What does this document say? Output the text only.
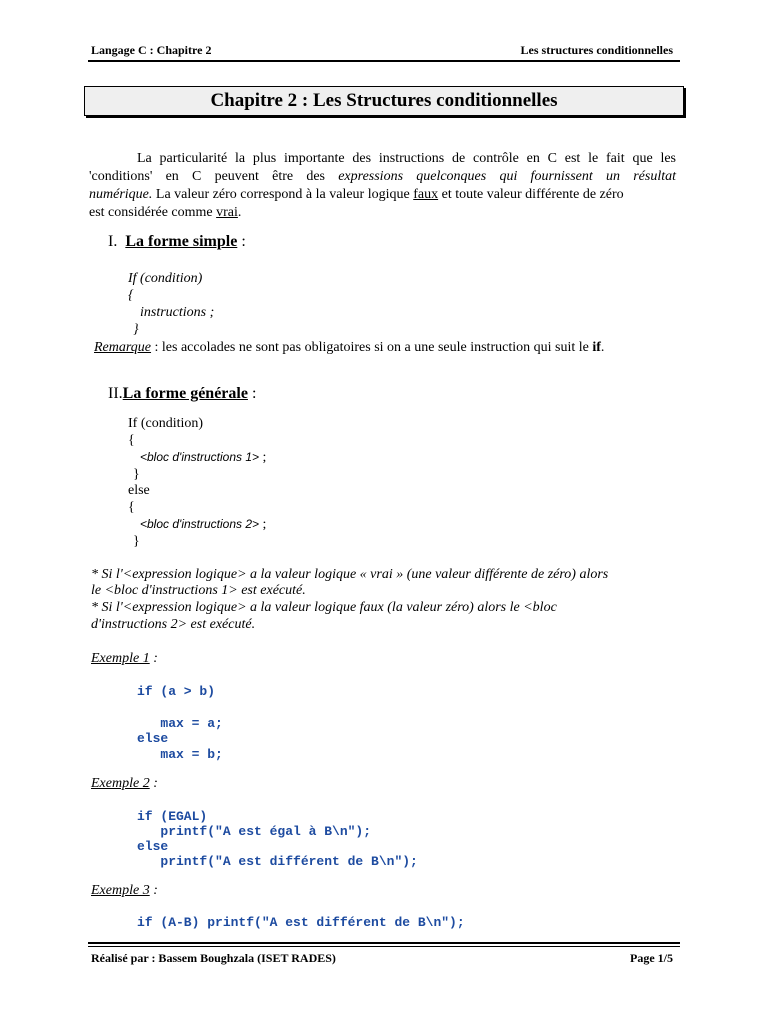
Langage C : Chapitre 2	Les structures conditionnelles
Chapitre 2 : Les Structures conditionnelles
La particularité la plus importante des instructions de contrôle en C est le fait que les
'conditions' en C peuvent être des expressions quelconques qui fournissent un résultat
numérique. La valeur zéro correspond à la valeur logique faux et toute valeur différente de zéro
est considérée comme vrai.
I. La forme simple :
If (condition)
{
instructions ;
}
Remarque : les accolades ne sont pas obligatoires si on a une seule instruction qui suit le if.
II.La forme générale :
If (condition)
{
<bloc d'instructions 1> ;
}
else
{
<bloc d'instructions 2> ;
}
* Si l'<expression logique> a la valeur logique « vrai » (une valeur différente de zéro) alors
le <bloc d'instructions 1> est exécuté.
* Si l'<expression logique> a la valeur logique faux (la valeur zéro) alors le <bloc
d'instructions 2> est exécuté.
Exemple 1 :
if (a > b)
max = a;
else
max = b;
Exemple 2 :
if (EGAL)
printf("A est égal à B\n");
else
printf("A est différent de B\n");
Exemple 3 :
if (A-B) printf("A est différent de B\n");
Réalisé par : Bassem Boughzala (ISET RADES)	Page 1/5
